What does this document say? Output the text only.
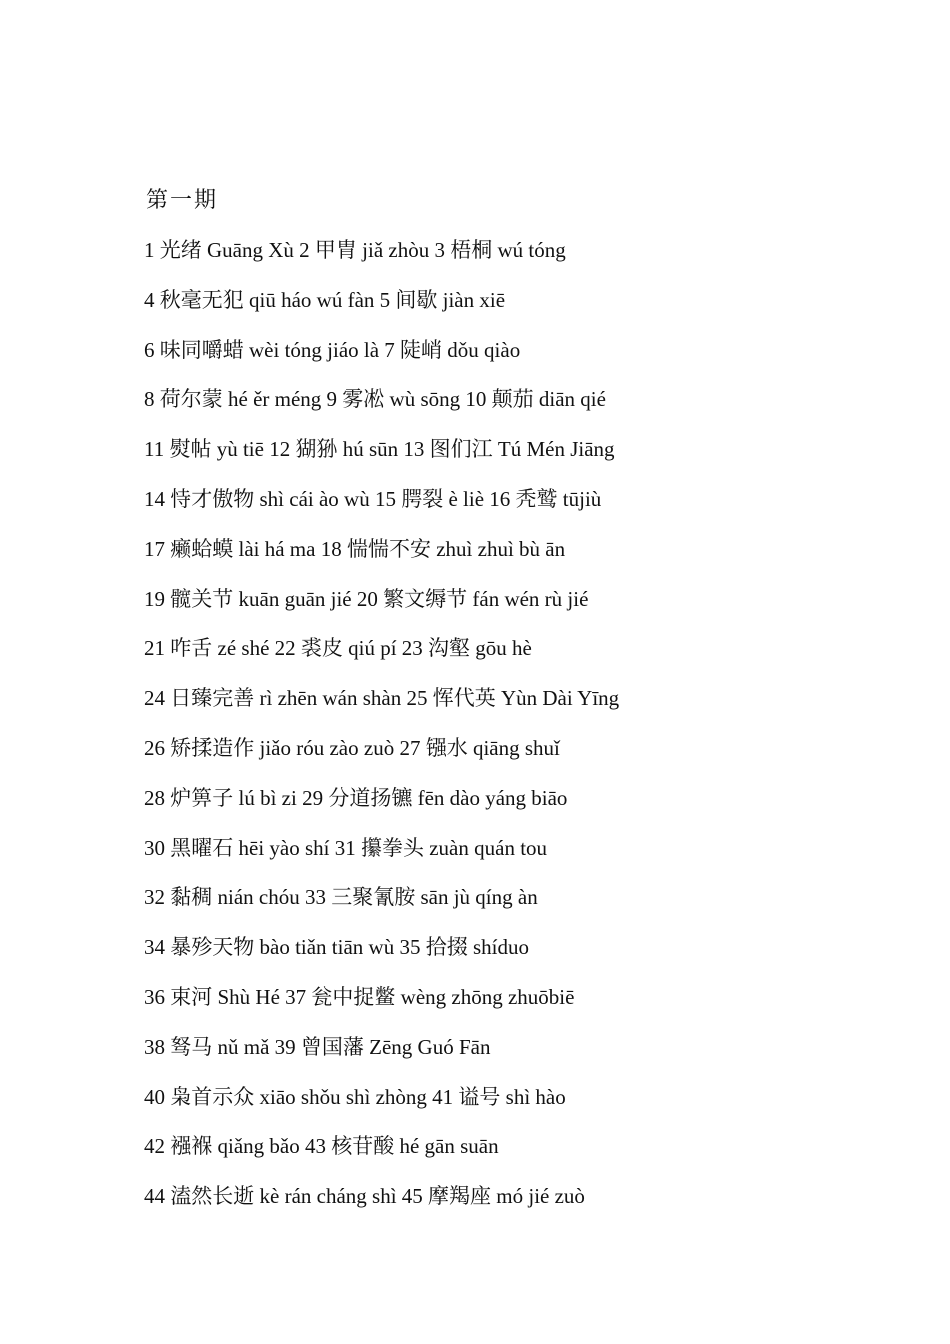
第一期
1 光绪 Guāng Xù 2 甲胄 jiǎ zhòu 3 梧桐 wú tóng
4 秋毫无犯 qiū háo wú fàn 5 间歇 jiàn xiē
6 味同嚼蜡 wèi tóng jiáo là 7 陡峭 dǒu qiào
8 荷尔蒙 hé ěr méng 9 雾凇 wù sōng 10 颠茄 diān qié
11 熨帖 yù tiē 12 猢狲 hú sūn 13 图们江 Tú Mén Jiāng
14 恃才傲物 shì cái ào wù 15 腭裂 è liè 16 秃鹫 tūjiù
17 癞蛤蟆 lài há ma 18 惴惴不安 zhuì zhuì bù ān
19 髋关节 kuān guān jié 20 繁文缛节 fán wén rù jié
21 咋舌 zé shé 22 裘皮 qiú pí 23 沟壑 gōu hè
24 日臻完善 rì zhēn wán shàn 25 恽代英 Yùn Dài Yīng
26 矫揉造作 jiǎo róu zào zuò 27 镪水 qiāng shuǐ
28 炉箅子 lú bì zi 29 分道扬镳 fēn dào yáng biāo
30 黑曜石 hēi yào shí 31 攥拳头 zuàn quán tou
32 黏稠 nián chóu 33 三聚氰胺 sān jù qíng àn
34 暴殄天物 bào tiǎn tiān wù 35 拾掇 shíduo
36 束河 Shù Hé 37 瓮中捉鳖 wèng zhōng zhuōbiē
38 驽马 nǔ mǎ 39 曾国藩 Zēng Guó Fān
40 枭首示众 xiāo shǒu shì zhòng 41 谥号 shì hào
42 襁褓 qiǎng bǎo 43 核苷酸 hé gān suān
44 溘然长逝 kè rán cháng shì 45 摩羯座 mó jié zuò
